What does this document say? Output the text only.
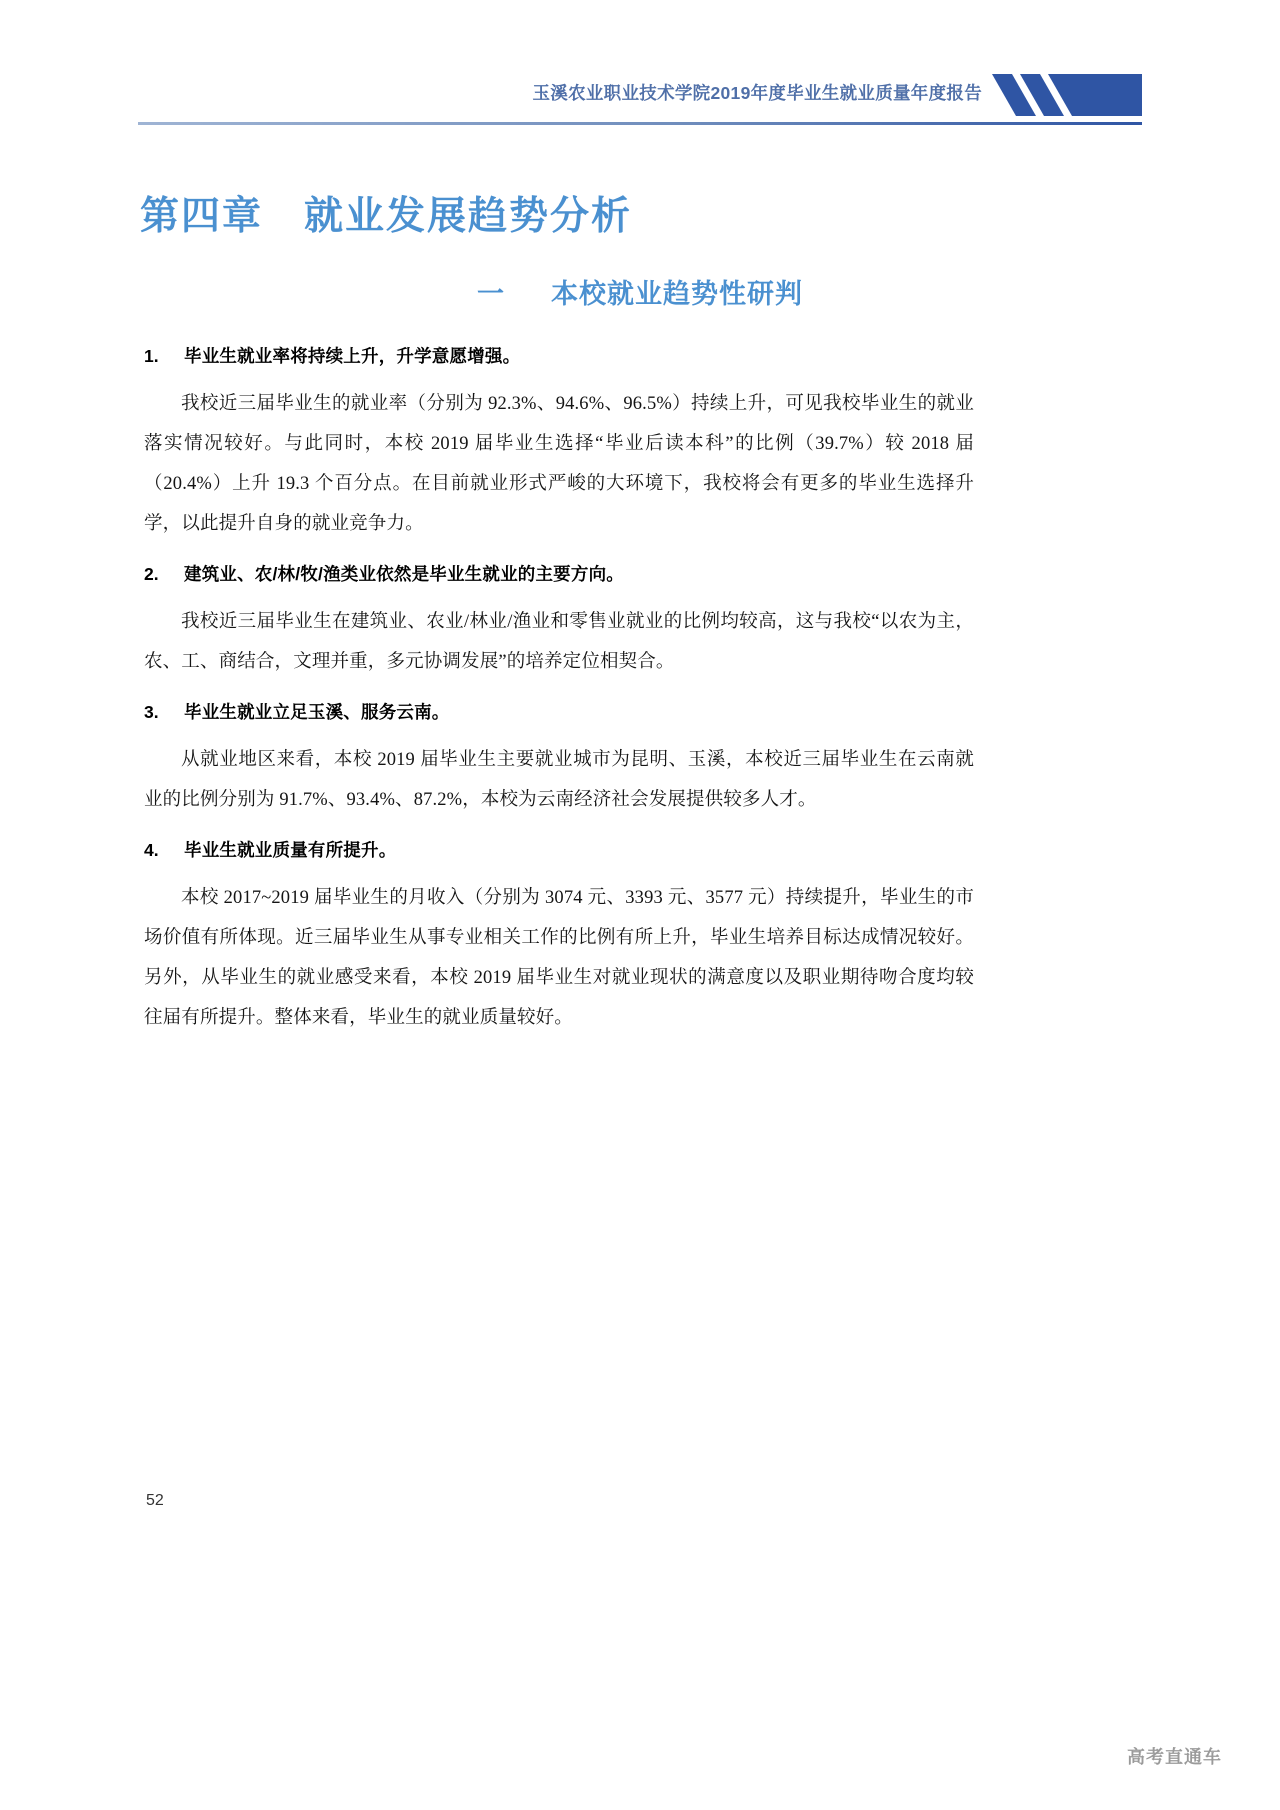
玉溪农业职业技术学院2019年度毕业生就业质量年度报告
第四章　就业发展趋势分析
一 本校就业趋势性研判
1.	毕业生就业率将持续上升，升学意愿增强。

我校近三届毕业生的就业率（分别为 92.3%、94.6%、96.5%）持续上升，可见我校毕业生的就业落实情况较好。与此同时，本校 2019 届毕业生选择“毕业后读本科”的比例（39.7%）较 2018 届（20.4%）上升 19.3 个百分点。在目前就业形式严峻的大环境下，我校将会有更多的毕业生选择升学，以此提升自身的就业竞争力。

2.	建筑业、农/林/牧/渔类业依然是毕业生就业的主要方向。

我校近三届毕业生在建筑业、农业/林业/渔业和零售业就业的比例均较高，这与我校“以农为主，农、工、商结合，文理并重，多元协调发展”的培养定位相契合。

3.	毕业生就业立足玉溪、服务云南。

从就业地区来看，本校 2019 届毕业生主要就业城市为昆明、玉溪，本校近三届毕业生在云南就业的比例分别为 91.7%、93.4%、87.2%，本校为云南经济社会发展提供较多人才。

4.	毕业生就业质量有所提升。

本校 2017~2019 届毕业生的月收入（分别为 3074 元、3393 元、3577 元）持续提升，毕业生的市场价值有所体现。近三届毕业生从事专业相关工作的比例有所上升，毕业生培养目标达成情况较好。另外，从毕业生的就业感受来看，本校 2019 届毕业生对就业现状的满意度以及职业期待吻合度均较往届有所提升。整体来看，毕业生的就业质量较好。

52
高考直通车
